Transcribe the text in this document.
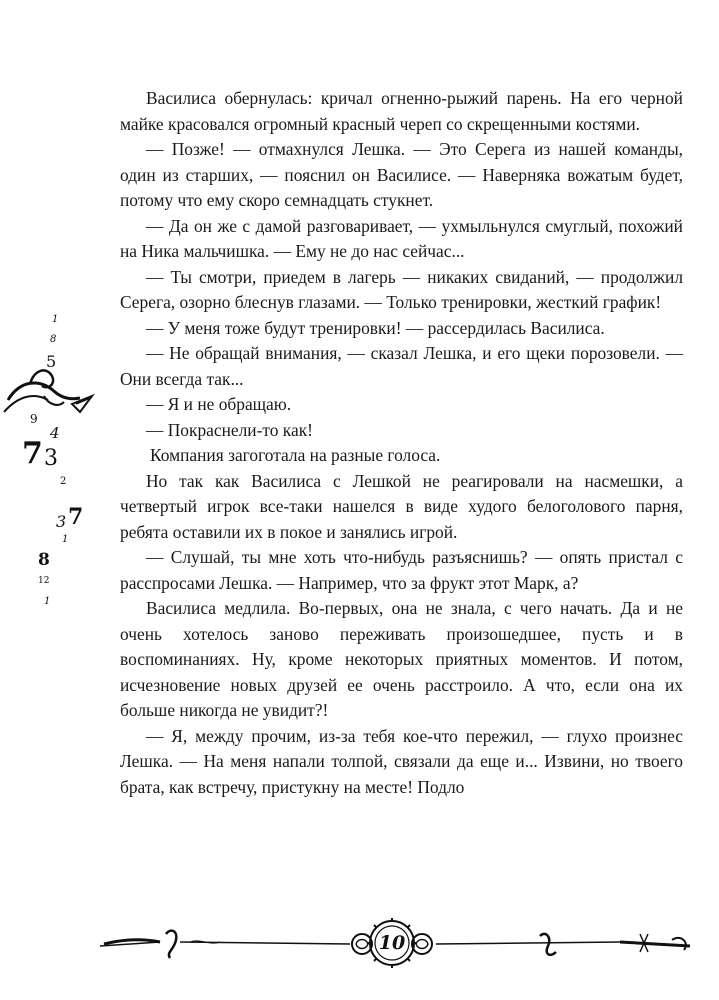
Василиса обернулась: кричал огненно-рыжий парень. На его черной майке красовался огромный красный череп со скрещенными костями.

— Позже! — отмахнулся Лешка. — Это Серега из нашей команды, один из старших, — пояснил он Василисе. — Наверняка вожатым будет, потому что ему скоро семнадцать стукнет.

— Да он же с дамой разговаривает, — ухмыльнулся смуглый, похожий на Ника мальчишка. — Ему не до нас сейчас...

— Ты смотри, приедем в лагерь — никаких свиданий, — продолжил Серега, озорно блеснув глазами. — Только тренировки, жесткий график!

— У меня тоже будут тренировки! — рассердилась Василиса.

— Не обращай внимания, — сказал Лешка, и его щеки порозовели. — Они всегда так...

— Я и не обращаю.

— Покраснели-то как!

Компания загоготала на разные голоса.

Но так как Василиса с Лешкой не реагировали на насмешки, а четвертый игрок все-таки нашелся в виде худого белоголового парня, ребята оставили их в покое и занялись игрой.

— Слушай, ты мне хоть что-нибудь разъяснишь? — опять пристал с расспросами Лешка. — Например, что за фрукт этот Марк, а?

Василиса медлила. Во-первых, она не знала, с чего начать. Да и не очень хотелось заново переживать произошедшее, пусть и в воспоминаниях. Ну, кроме некоторых приятных моментов. И потом, исчезновение новых друзей ее очень расстроило. А что, если она их больше никогда не увидит?!

— Я, между прочим, из-за тебя кое-что пережил, — глухо произнес Лешка. — На меня напали толпой, связали да еще и... Извини, но твоего брата, как встречу, пристукну на месте! Подло

1
8
5
9
4
7 3
2
3 7
1
8
12
1
10
